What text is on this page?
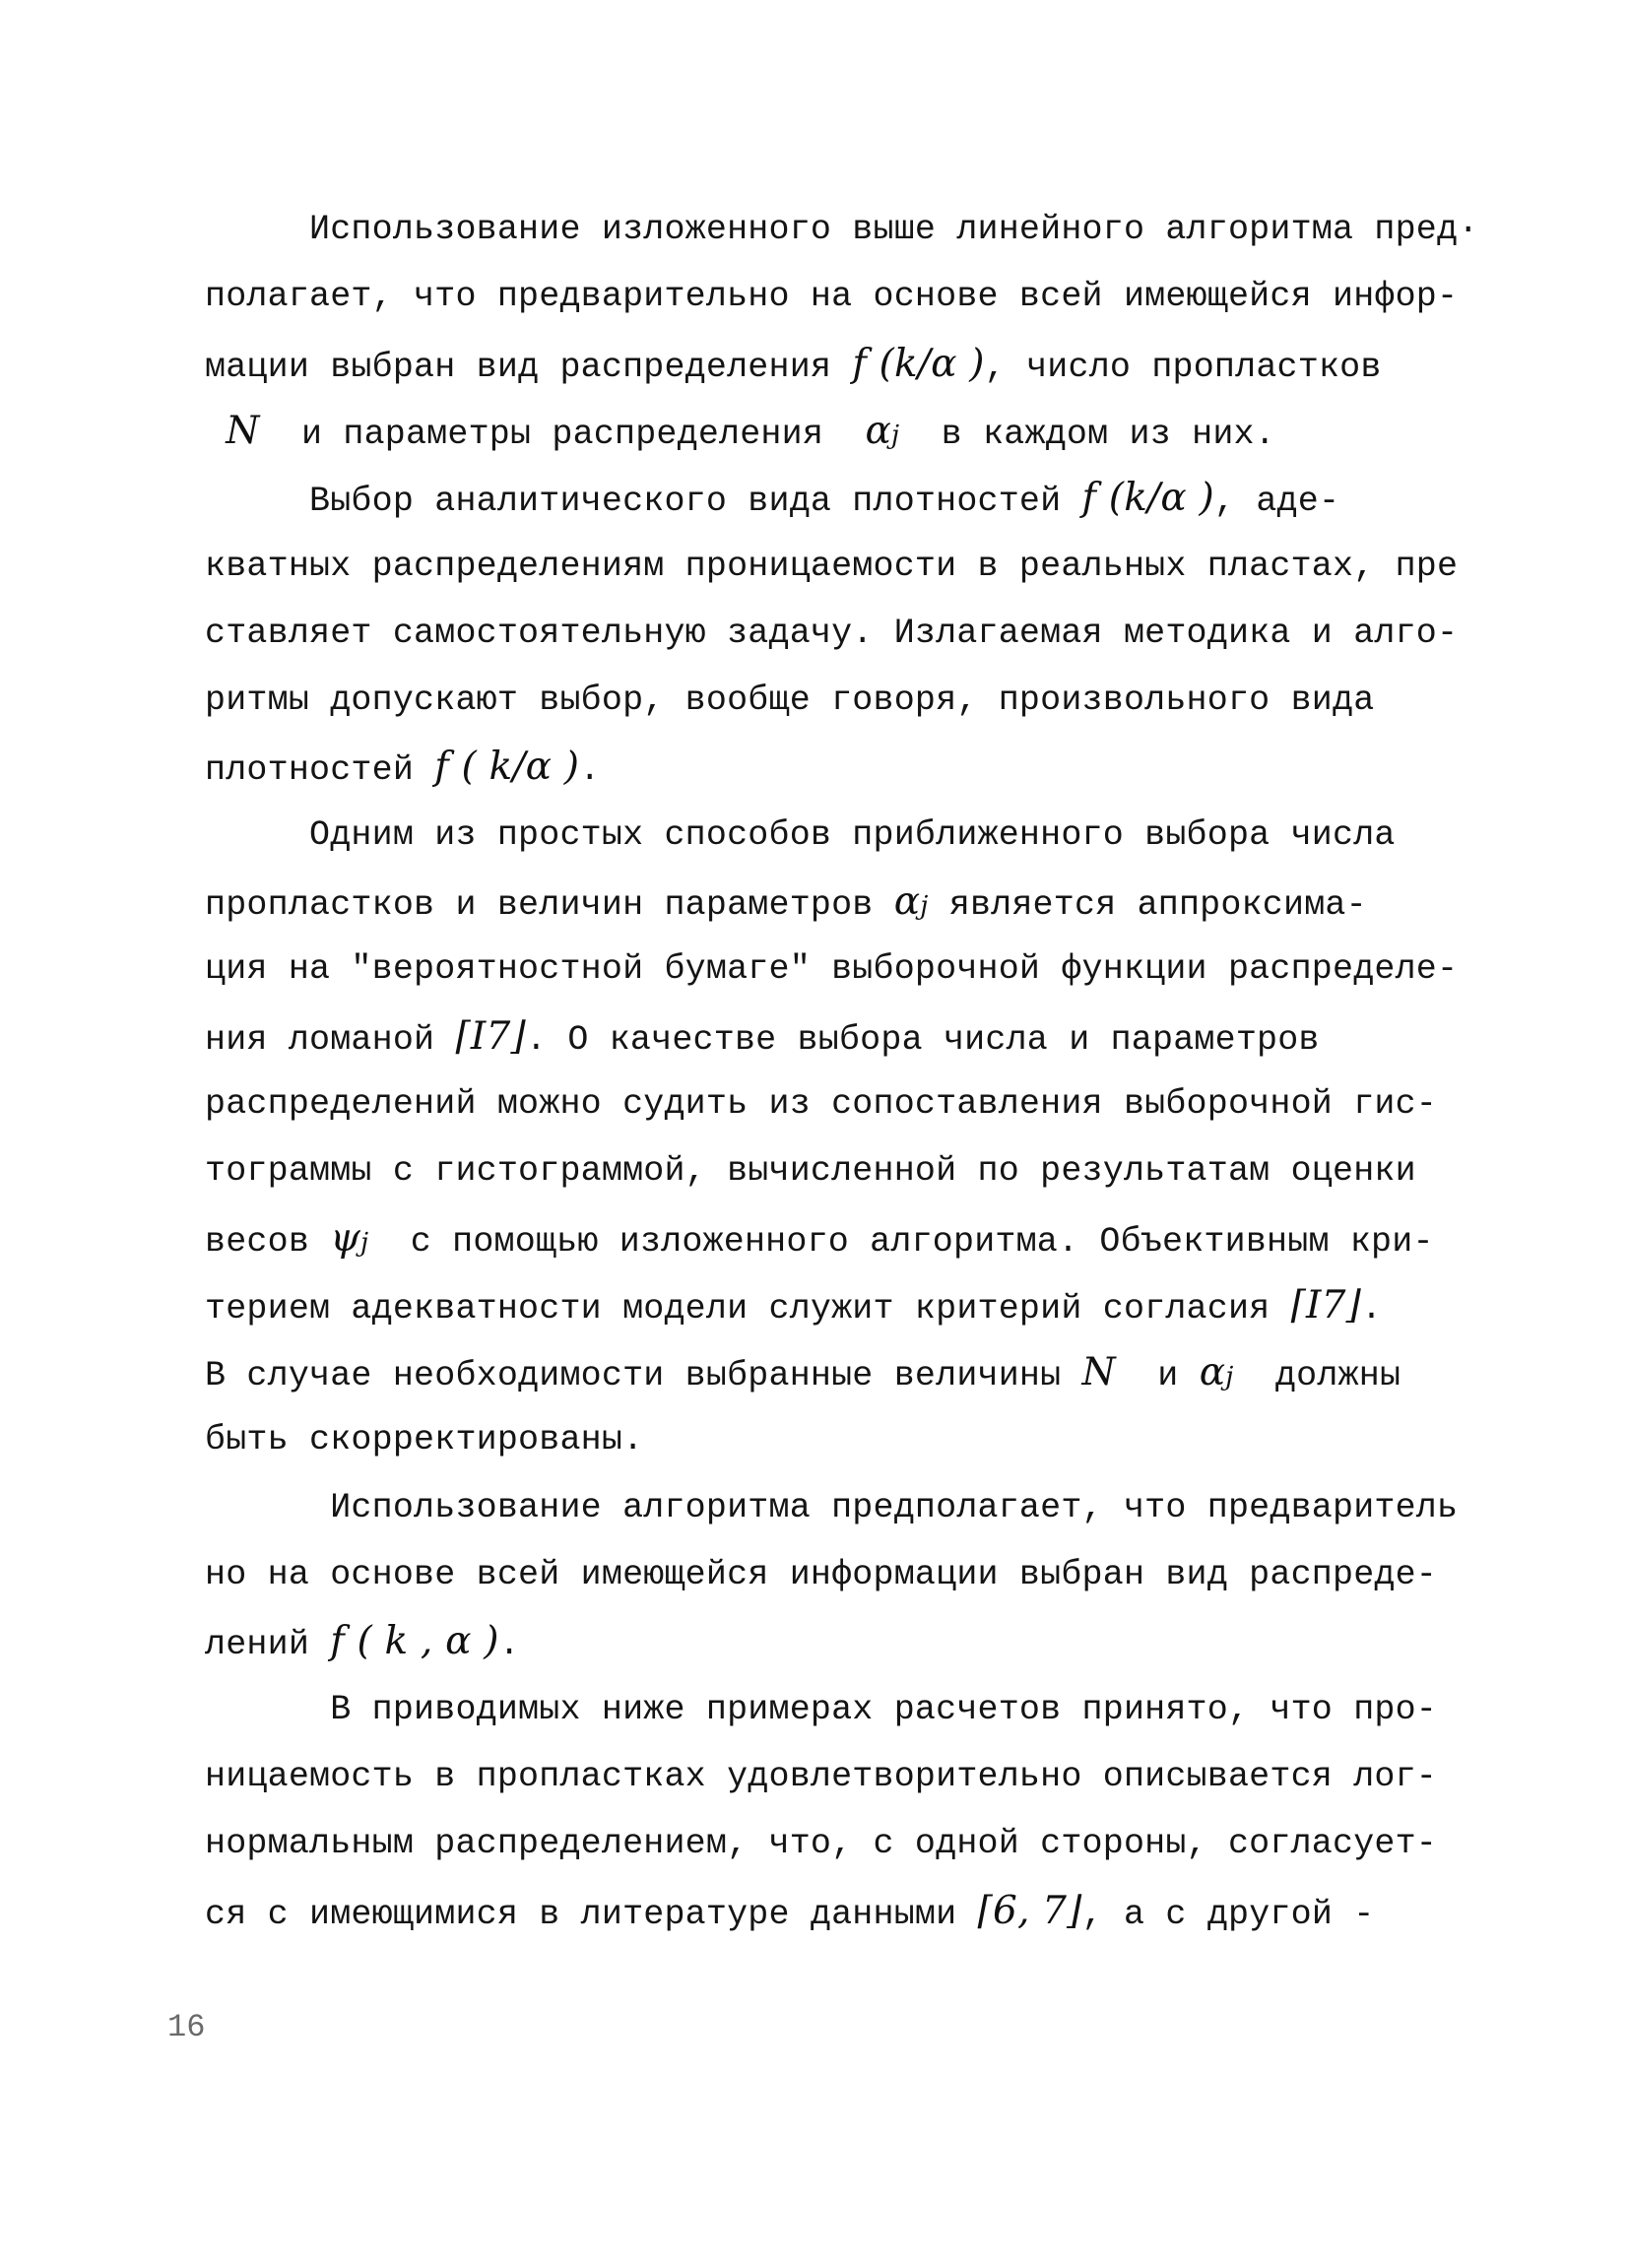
Использование изложенного выше линейного алгоритма пред·
полагает, что предварительно на основе всей имеющейся инфор-
мации выбран вид распределения f (k/α ), число пропластков
N  и параметры распределения  αj  в каждом из них.
Выбор аналитического вида плотностей f (k/α ), аде-
кватных распределениям проницаемости в реальных пластах, пре
ставляет самостоятельную задачу. Излагаемая методика и алго-
ритмы допускают выбор, вообще говоря, произвольного вида
плотностей f ( k/α ).
Одним из простых способов приближенного выбора числа
пропластков и величин параметров αj является аппроксима-
ция на "вероятностной бумаге" выборочной функции распределе-
ния ломаной ⌈I7⌋. О качестве выбора числа и параметров
распределений можно судить из сопоставления выборочной гис-
тограммы с гистограммой, вычисленной по результатам оценки
весов ψj  с помощью изложенного алгоритма. Объективным кри-
терием адекватности модели служит критерий согласия ⌈I7⌋.
В случае необходимости выбранные величины N  и αj  должны
быть скорректированы.
Использование алгоритма предполагает, что предваритель
но на основе всей имеющейся информации выбран вид распреде-
лений f ( k , α ).
В приводимых ниже примерах расчетов принято, что про-
ницаемость в пропластках удовлетворительно описывается лог-
нормальным распределением, что, с одной стороны, согласует-
ся с имеющимися в литературе данными ⌈6, 7⌋, а с другой -
16
